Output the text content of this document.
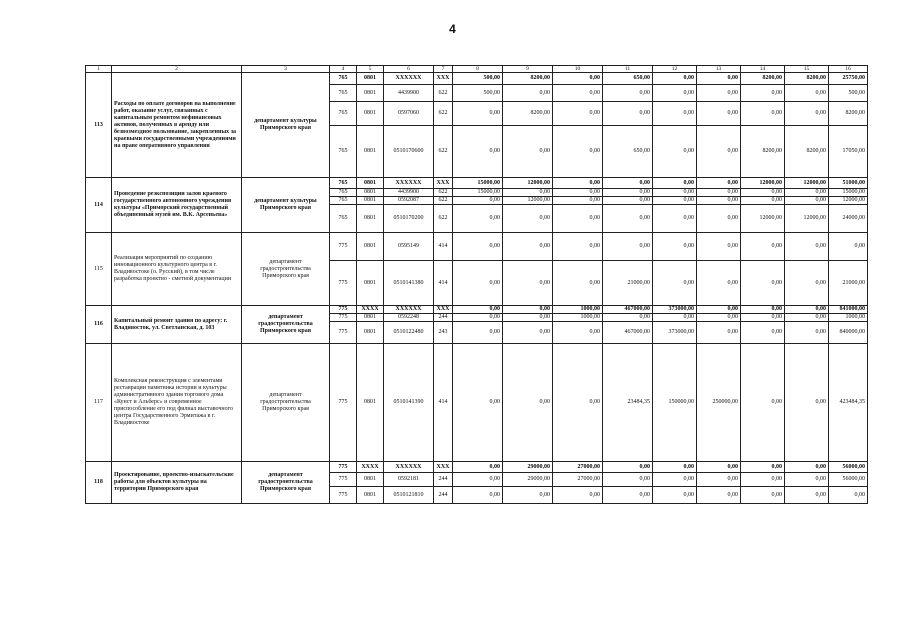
4
1	2	3	4	5	6	7	8	9	10	11	12	13	14	15	16
113	Расходы по оплате договоров на выполнение работ, оказание услуг, связанных с капитальным ремонтом нефинансовых активов, полученных в аренду или безвозмездное пользование, закрепленных за краевыми государственными учреждениями на праве оперативного управления	департамент культуры Приморского края	765	0801	XXXXXX	XXX	500,00	8200,00	0,00	650,00	0,00	0,00	8200,00	8200,00	25750,00
			765	0801	4439900	622	500,00	0,00	0,00	0,00	0,00	0,00	0,00	0,00	500,00
			765	0801	0597060	622	0,00	8200,00	0,00	0,00	0,00	0,00	0,00	0,00	8200,00
			765	0801	0510170600	622	0,00	0,00	0,00	650,00	0,00	0,00	8200,00	8200,00	17050,00
114	Проведение реэкспозиции залов краевого государственного автономного учреждения культуры «Приморский государственный объединенный музей им. В.К. Арсеньева»	департамент культуры Приморского края	765	0801	XXXXXX	XXX	15000,00	12000,00	0,00	0,00	0,00	0,00	12000,00	12000,00	51000,00
			765	0801	4439900	622	15000,00	0,00	0,00	0,00	0,00	0,00	0,00	0,00	15000,00
			765	0801	0592087	622	0,00	12000,00	0,00	0,00	0,00	0,00	0,00	0,00	12000,00
			765	0801	0510170200	622	0,00	0,00	0,00	0,00	0,00	0,00	12000,00	12000,00	24000,00
115	Реализация мероприятий по созданию инновационного культурного центра в г. Владивостоке (о. Русский), в том числе разработка проектно - сметной документации	департамент градостроительства Приморского края	775	0801	0595149	414	0,00	0,00	0,00	0,00	0,00	0,00	0,00	0,00	0,00
			775	0801	0510141380	414	0,00	0,00	0,00	21000,00	0,00	0,00	0,00	0,00	21000,00
116	Капитальный ремонт здания по адресу: г. Владивосток, ул. Светланская, д. 103	департамент градостроительства Приморского края	775	XXXX	XXXXXX	XXX	0,00	0,00	1000,00	467000,00	373000,00	0,00	0,00	0,00	841000,00
			775	0801	0592248	244	0,00	0,00	1000,00	0,00	0,00	0,00	0,00	0,00	1000,00
			775	0801	0510122480	243	0,00	0,00	0,00	467000,00	373000,00	0,00	0,00	0,00	840000,00
117	Комплексная реконструкция с элементами реставрации памятника истории и культуры административного здания торгового дома «Кунст и Альберс» и современное приспособление его под филиал выставочного центра Государственного Эрмитажа в г. Владивостоке	департамент градостроительства Приморского края	775	0801	0510141390	414	0,00	0,00	0,00	23484,35	150000,00	250000,00	0,00	0,00	423484,35
118	Проектирование, проектно-изыскательские работы для объектов культуры на территории Приморского края	департамент градостроительства Приморского края	775	XXXX	XXXXXX	XXX	0,00	29000,00	27000,00	0,00	0,00	0,00	0,00	0,00	56000,00
			775	0801	0592181	244	0,00	29000,00	27000,00	0,00	0,00	0,00	0,00	0,00	56000,00
			775	0801	0510121810	244	0,00	0,00	0,00	0,00	0,00	0,00	0,00	0,00	0,00
